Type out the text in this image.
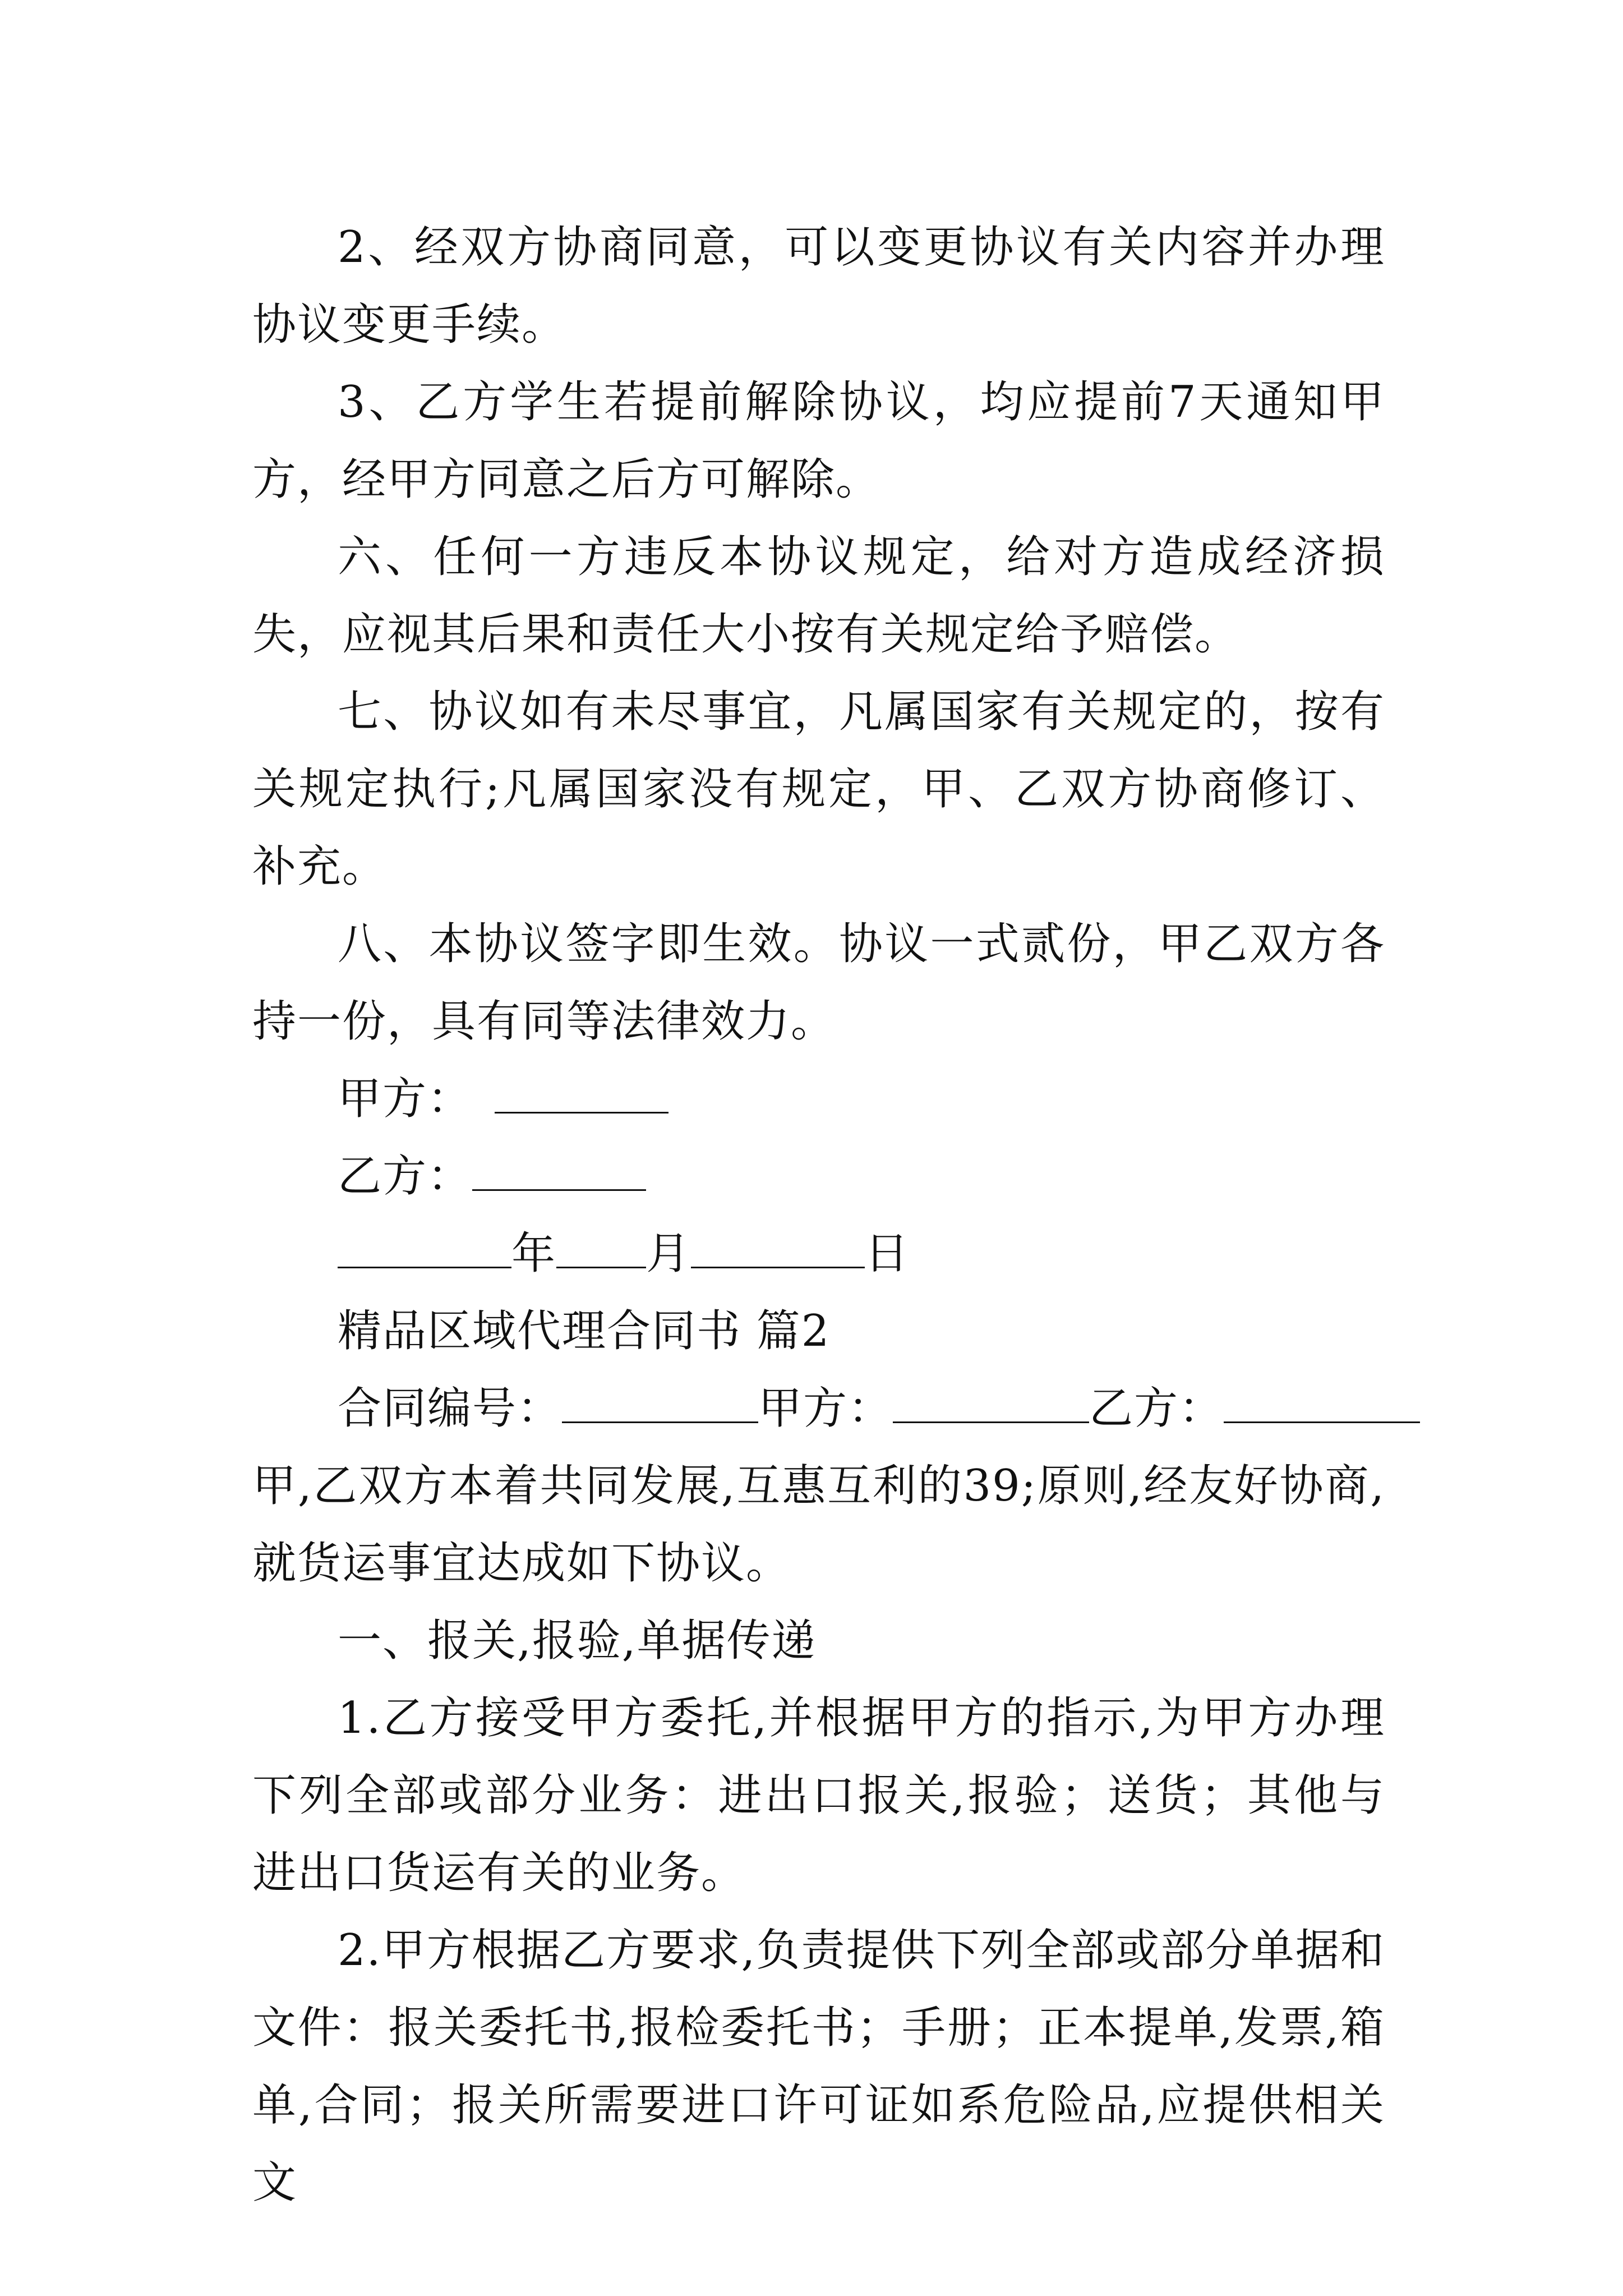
2、经双方协商同意，可以变更协议有关内容并办理协议变更手续。

3、乙方学生若提前解除协议，均应提前7天通知甲方，经甲方同意之后方可解除。

六、任何一方违反本协议规定，给对方造成经济损失，应视其后果和责任大小按有关规定给予赔偿。

七、协议如有未尽事宜，凡属国家有关规定的，按有关规定执行;凡属国家没有规定，甲、乙双方协商修订、补充。

八、本协议签字即生效。协议一式贰份，甲乙双方各持一份，具有同等法律效力。

甲方：

乙方：

年 月	日

精品区域代理合同书 篇2

合同编号：	甲方：	乙方：

甲,乙双方本着共同发展,互惠互利的39;原则,经友好协商,就货运事宜达成如下协议。

一、报关,报验,单据传递

1.乙方接受甲方委托,并根据甲方的指示,为甲方办理下列全部或部分业务：进出口报关,报验；送货；其他与进出口货运有关的业务。

2.甲方根据乙方要求,负责提供下列全部或部分单据和文件：报关委托书,报检委托书；手册；正本提单,发票,箱单,合同；报关所需要进口许可证如系危险品,应提供相关文
